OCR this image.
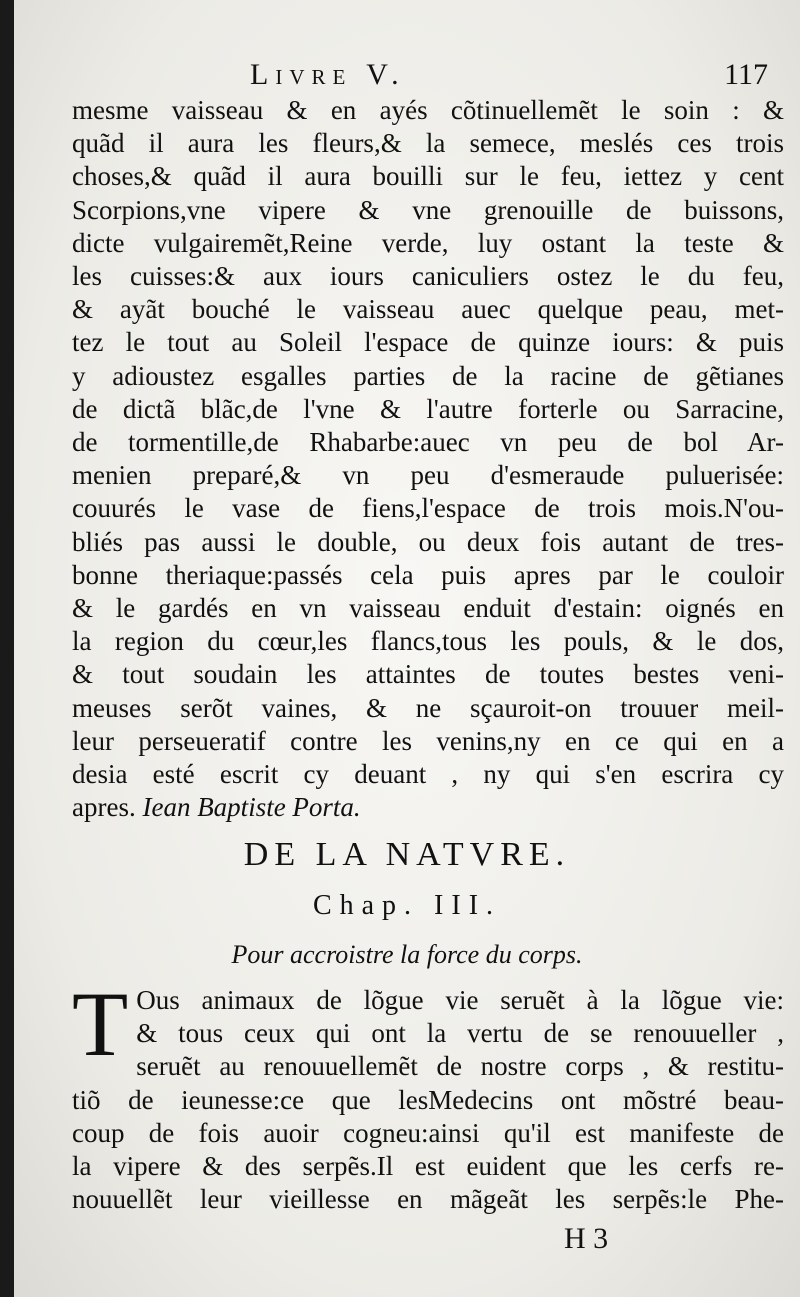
Livre V.	117
mesme vaisseau & en ayés cõtinuellemẽt le soin : &
quãd il aura les fleurs,& la semece, meslés ces trois
choses,& quãd il aura bouilli sur le feu, iettez y cent
Scorpions,vne vipere & vne grenouille de buissons,
dicte vulgairemẽt,Reine verde, luy ostant la teste &
les cuisses:& aux iours caniculiers ostez le du feu,
& ayãt bouché le vaisseau auec quelque peau, met-
tez le tout au Soleil l'espace de quinze iours: & puis
y adioustez esgalles parties de la racine de gẽtianes
de dictã blãc,de l'vne & l'autre forterle ou Sarracine,
de tormentille,de Rhabarbe:auec vn peu de bol Ar-
menien preparé,& vn peu d'esmeraude puluerisée:
couurés le vase de fiens,l'espace de trois mois.N'ou-
bliés pas aussi le double, ou deux fois autant de tres-
bonne theriaque:passés cela puis apres par le couloir
& le gardés en vn vaisseau enduit d'estain: oignés en
la region du cœur,les flancs,tous les pouls, & le dos,
& tout soudain les attaintes de toutes bestes veni-
meuses serõt vaines, & ne sçauroit-on trouuer meil-
leur perseueratif contre les venins,ny en ce qui en a
desia esté escrit cy deuant , ny qui s'en escrira cy
apres. Iean Baptiste Porta.
DE LA NATVRE.
Chap. III.
Pour accroistre la force du corps.
T Ous animaux de lõgue vie seruẽt à la lõgue vie:
& tous ceux qui ont la vertu de se renouueller ,
seruẽt au renouuellemẽt de nostre corps , & restitu-
tiõ de ieunesse:ce que lesMedecins ont mõstré beau-
coup de fois auoir cogneu:ainsi qu'il est manifeste de
la vipere & des serpẽs.Il est euident que les cerfs re-
nouuellẽt leur vieillesse en mãgeãt les serpẽs:le Phe-
H 3
